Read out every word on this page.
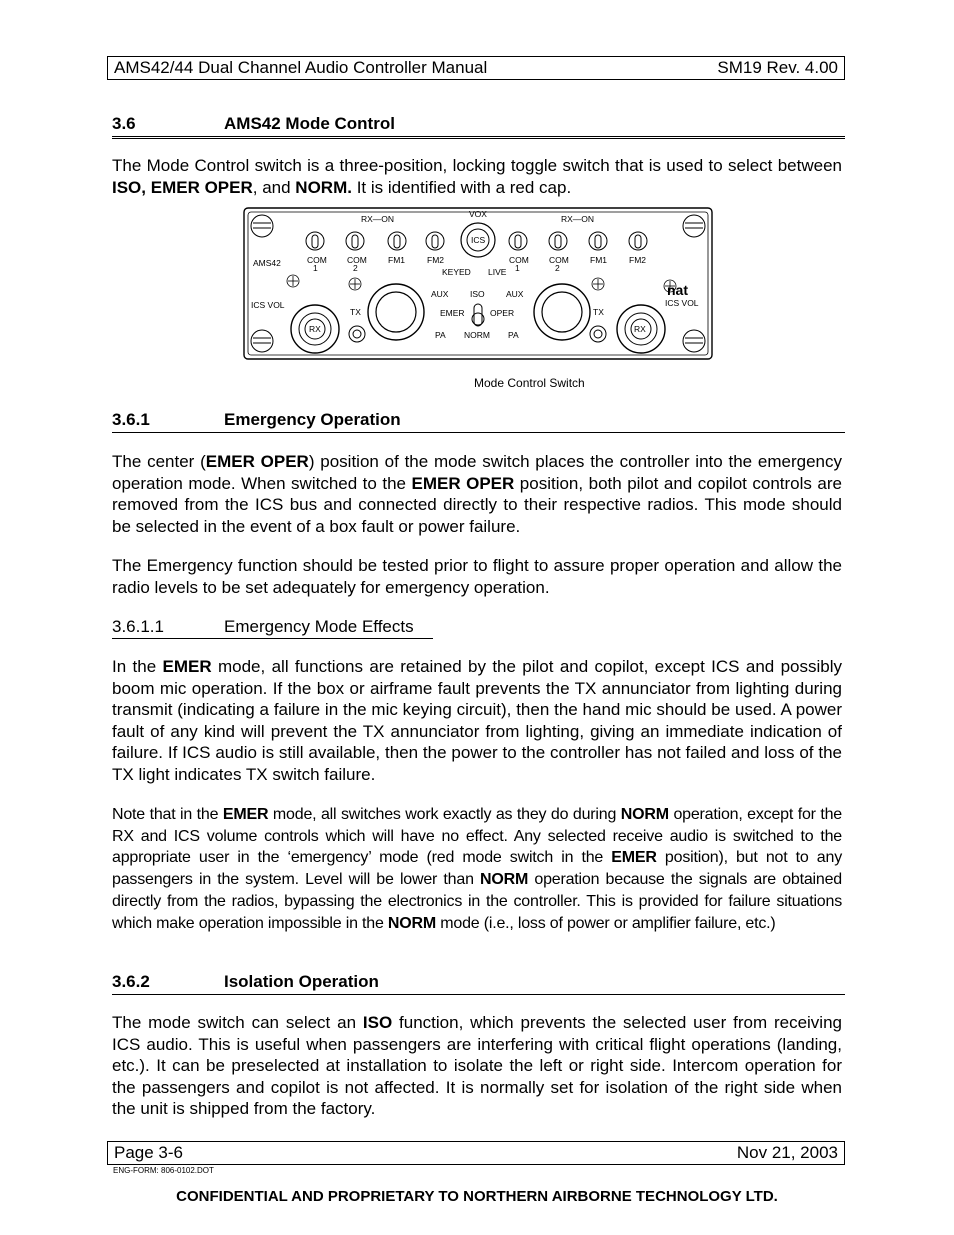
AMS42/44 Dual Channel Audio Controller Manual	SM19 Rev. 4.00
3.6	AMS42 Mode Control

The Mode Control switch is a three-position, locking toggle switch that is used to select between ISO, EMER OPER, and NORM. It is identified with a red cap.

RX—ON	RX—ON
VOX
ICS
KEYED LIVE
AMS42	COM
1
COM
2
FM1	FM2	COM
1
COM
2
FM1	FM2
ICS VOL	ICS VOL
TX	TX
RX	RX
AUX	AUX
ISO
EMER	OPER
NORM
PA	PA
nat
Mode Control Switch
3.6.1	Emergency Operation

The center (EMER OPER) position of the mode switch places the controller into the emergency operation mode. When switched to the EMER OPER position, both pilot and copilot controls are removed from the ICS bus and connected directly to their respective radios. This mode should be selected in the event of a box fault or power failure.

The Emergency function should be tested prior to flight to assure proper operation and allow the radio levels to be set adequately for emergency operation.

3.6.1.1	Emergency Mode Effects

In the EMER mode, all functions are retained by the pilot and copilot, except ICS and possibly boom mic operation. If the box or airframe fault prevents the TX annunciator from lighting during transmit (indicating a failure in the mic keying circuit), then the hand mic should be used. A power fault of any kind will prevent the TX annunciator from lighting, giving an immediate indication of failure. If ICS audio is still available, then the power to the controller has not failed and loss of the TX light indicates TX switch failure.

Note that in the EMER mode, all switches work exactly as they do during NORM operation, except for the RX and ICS volume controls which will have no effect. Any selected receive audio is switched to the appropriate user in the ‘emergency’ mode (red mode switch in the EMER position), but not to any passengers in the system. Level will be lower than NORM operation because the signals are obtained directly from the radios, bypassing the electronics in the controller. This is provided for failure situations which make operation impossible in the NORM mode (i.e., loss of power or amplifier failure, etc.)

3.6.2	Isolation Operation

The mode switch can select an ISO function, which prevents the selected user from receiving ICS audio. This is useful when passengers are interfering with critical flight operations (landing, etc.). It can be preselected at installation to isolate the left or right side. Intercom operation for the passengers and copilot is not affected. It is normally set for isolation of the right side when the unit is shipped from the factory.

Page 3-6	Nov 21, 2003
ENG-FORM: 806-0102.DOT
CONFIDENTIAL AND PROPRIETARY TO NORTHERN AIRBORNE TECHNOLOGY LTD.
